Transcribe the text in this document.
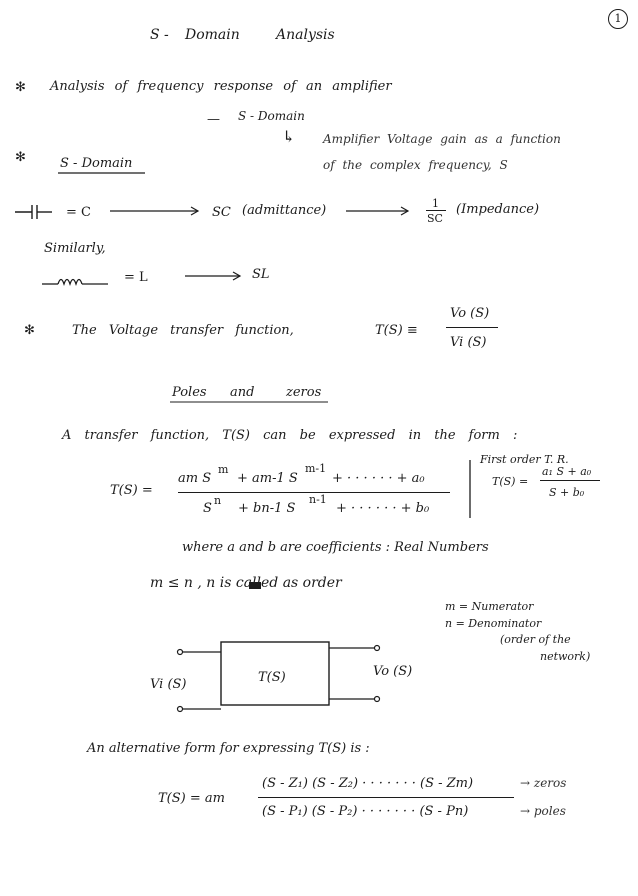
1
S - Domain	Analysis
✻ Analysis of frequency response of an amplifier
— S - Domain
↳ Amplifier Voltage gain as a function
of the complex frequency, S
✻	S - Domain
= C	SC (admittance)	1
SC
(Impedance)
Similarly,
= L	SL
✻	The Voltage transfer function,	T(S) ≡
Vo (S)
Vi (S)
Poles and zeros
A transfer function, T(S) can be expressed in the form :
T(S) =
am S
m
+ am-1 S
m-1
+ · · · · · · + a₀
S
n
+ bn-1 S
n-1
+ · · · · · · + b₀
First order T. R.
T(S) =
a₁ S + a₀
S + b₀
where a and b are coefficients : Real Numbers
m ≤ n , n is called as order
m = Numerator
n = Denominator
(order of the
network)
Vi (S)	T(S)	Vo (S)
An alternative form for expressing T(S) is :
T(S) = am
(S - Z₁) (S - Z₂) · · · · · · · (S - Zm)
(S - P₁) (S - P₂) · · · · · · · (S - Pn)
→ zeros
→ poles
